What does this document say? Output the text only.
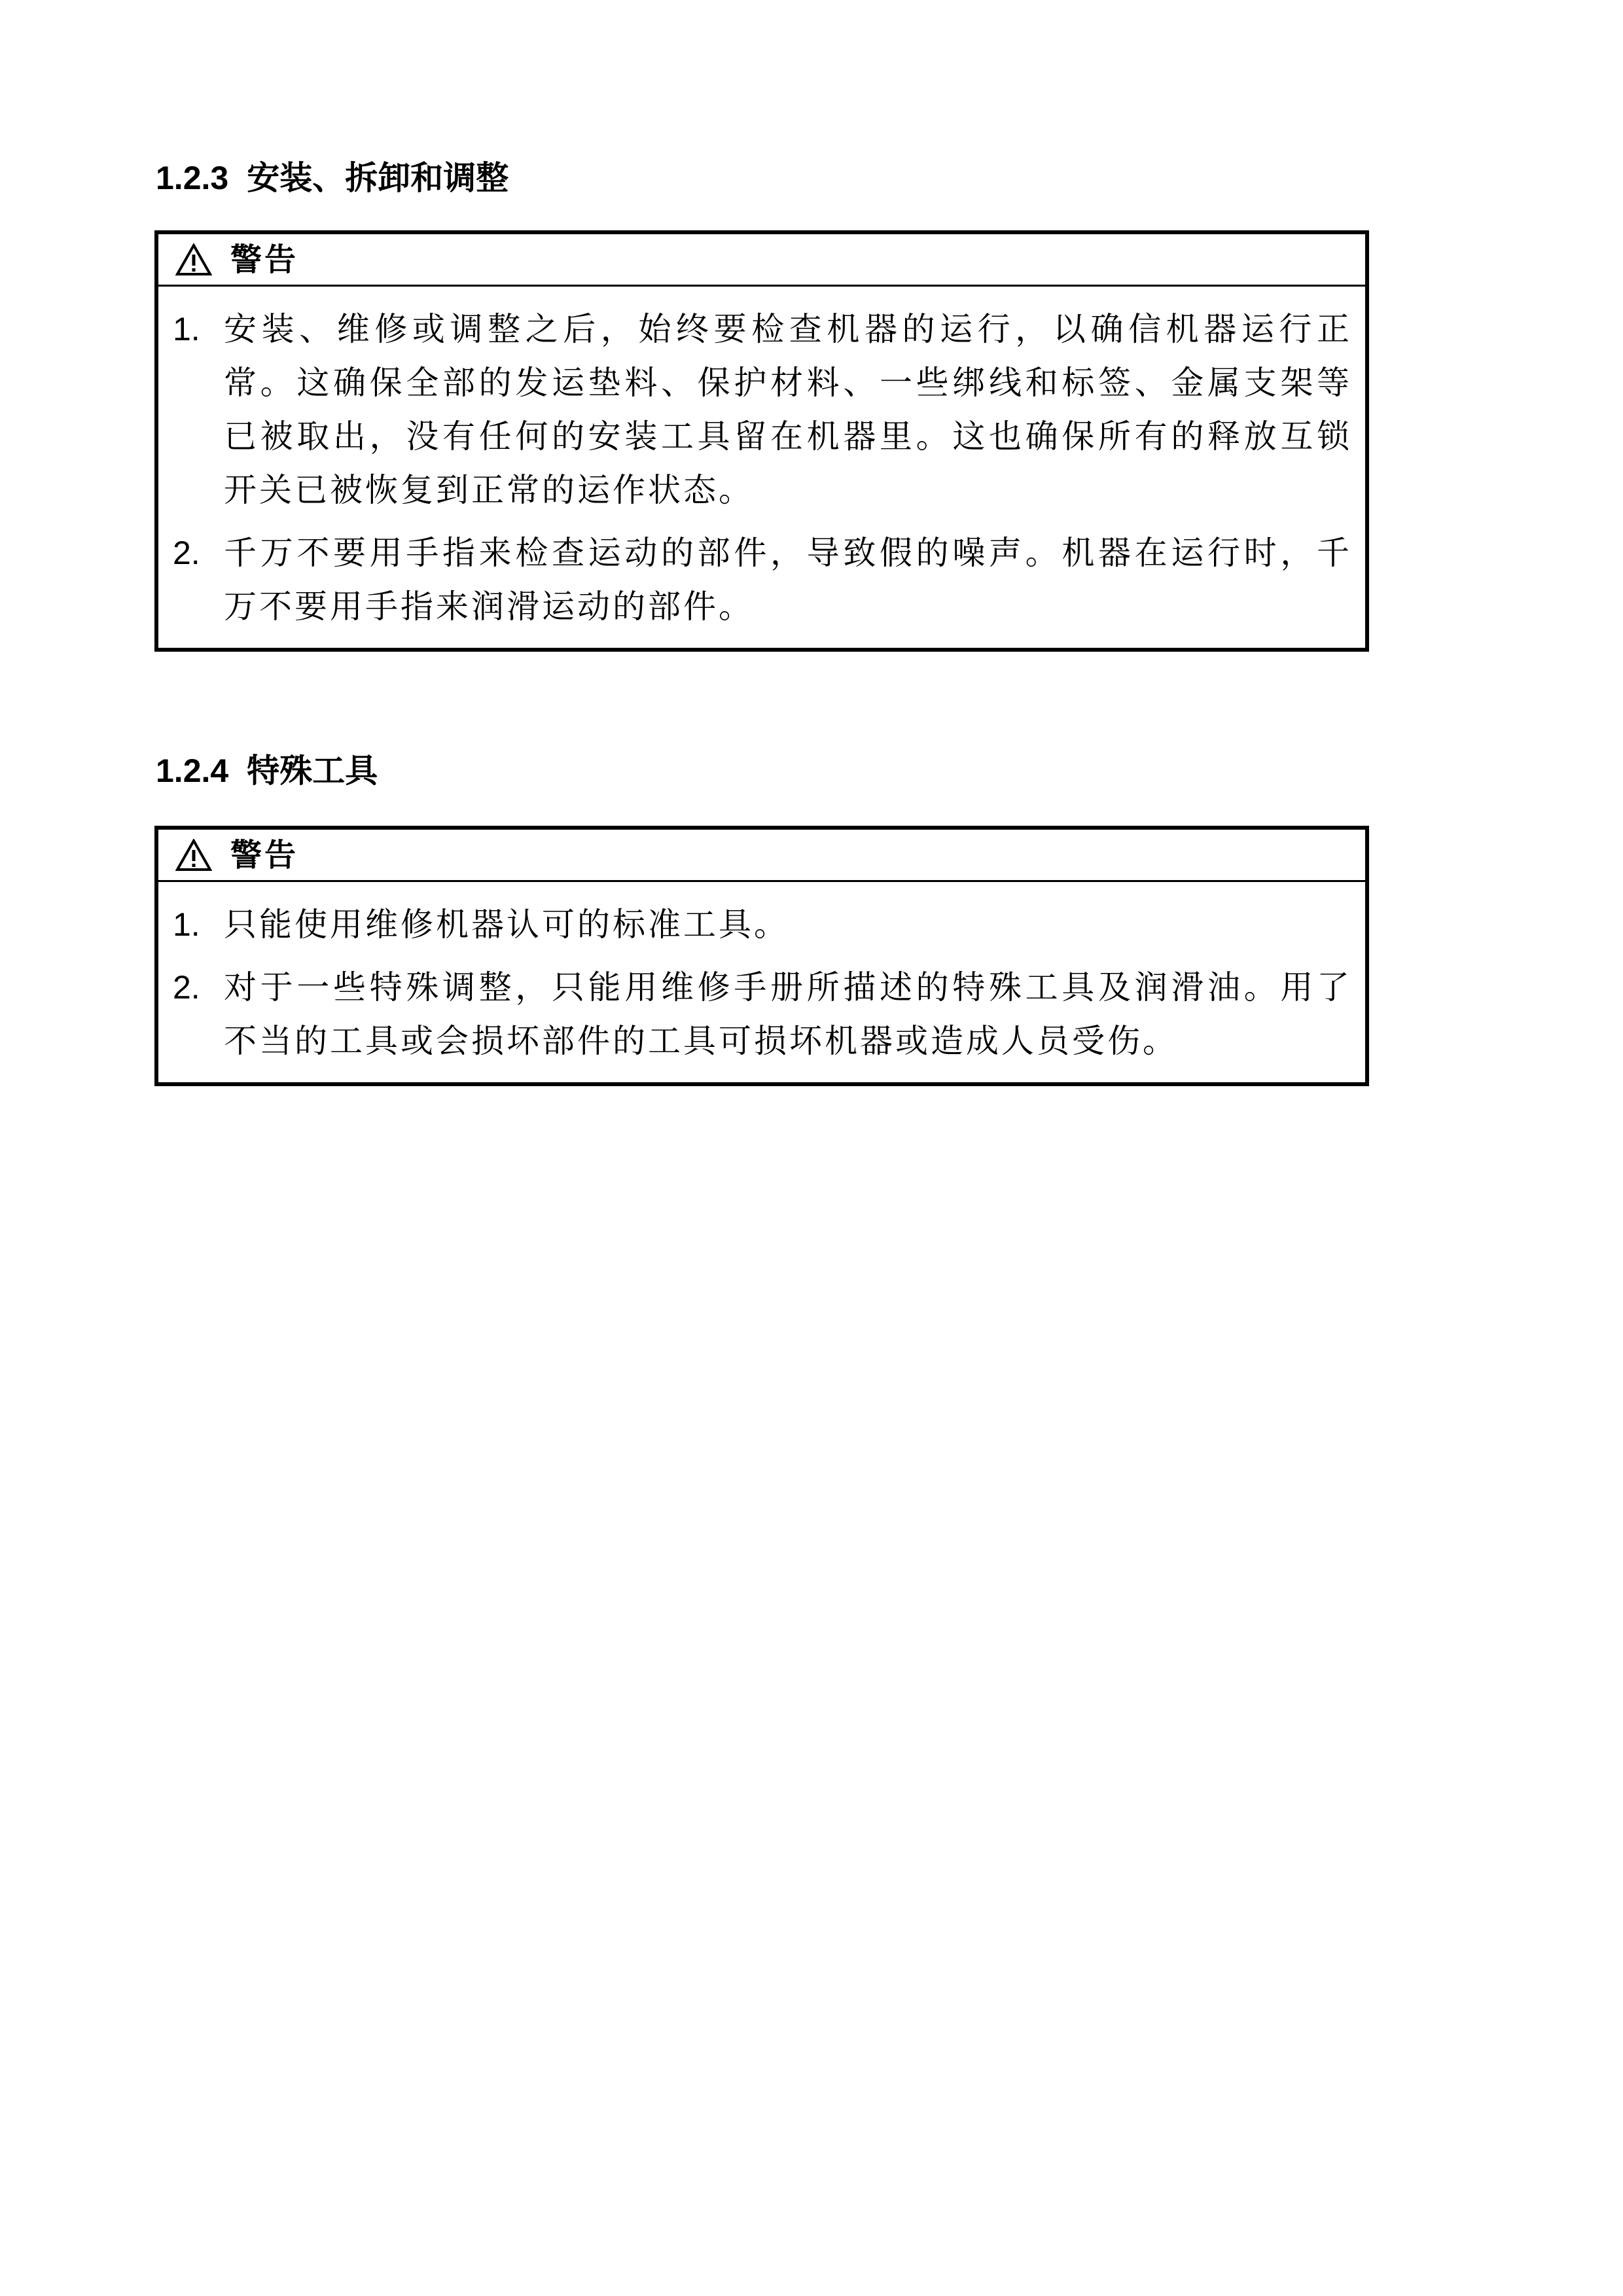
1.2.3 安装、拆卸和调整
警告
1. 安装、维修或调整之后，始终要检查机器的运行，以确信机器运行正常。这确保全部的发运垫料、保护材料、一些绑线和标签、金属支架等已被取出，没有任何的安装工具留在机器里。这也确保所有的释放互锁开关已被恢复到正常的运作状态。
2. 千万不要用手指来检查运动的部件，导致假的噪声。机器在运行时，千万不要用手指来润滑运动的部件。
1.2.4 特殊工具
警告
1. 只能使用维修机器认可的标准工具。
2. 对于一些特殊调整，只能用维修手册所描述的特殊工具及润滑油。用了不当的工具或会损坏部件的工具可损坏机器或造成人员受伤。
